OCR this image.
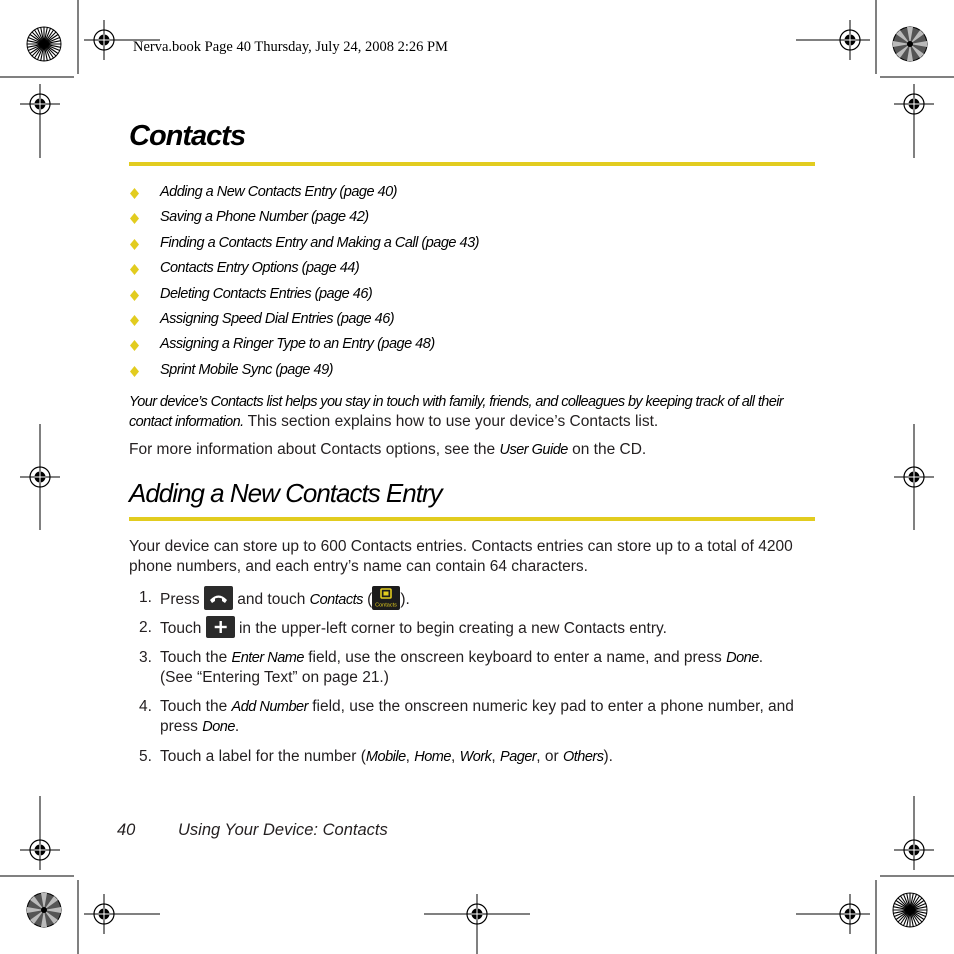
Nerva.book Page 40 Thursday, July 24, 2008 2:26 PM
Contacts
Adding a New Contacts Entry (page 40)
Saving a Phone Number (page 42)
Finding a Contacts Entry and Making a Call (page 43)
Contacts Entry Options (page 44)
Deleting Contacts Entries (page 46)
Assigning Speed Dial Entries (page 46)
Assigning a Ringer Type to an Entry (page 48)
Sprint Mobile Sync (page 49)
Your device’s Contacts list helps you stay in touch with family, friends, and colleagues by keeping track of all their contact information. This section explains how to use your device’s Contacts list.
For more information about Contacts options, see the User Guide on the CD.
Adding a New Contacts Entry
Your device can store up to 600 Contacts entries. Contacts entries can store up to a total of 4200 phone numbers, and each entry’s name can contain 64 characters.
1. Press
and touch Contacts ( Contacts ).
2. Touch
in the upper-left corner to begin creating a new Contacts entry.
3. Touch the Enter Name field, use the onscreen keyboard to enter a name, and press Done.
(See “Entering Text” on page 21.)
4. Touch the Add Number field, use the onscreen numeric key pad to enter a phone number, and press Done.
5. Touch a label for the number (Mobile, Home, Work, Pager, or Others).
40	Using Your Device: Contacts
